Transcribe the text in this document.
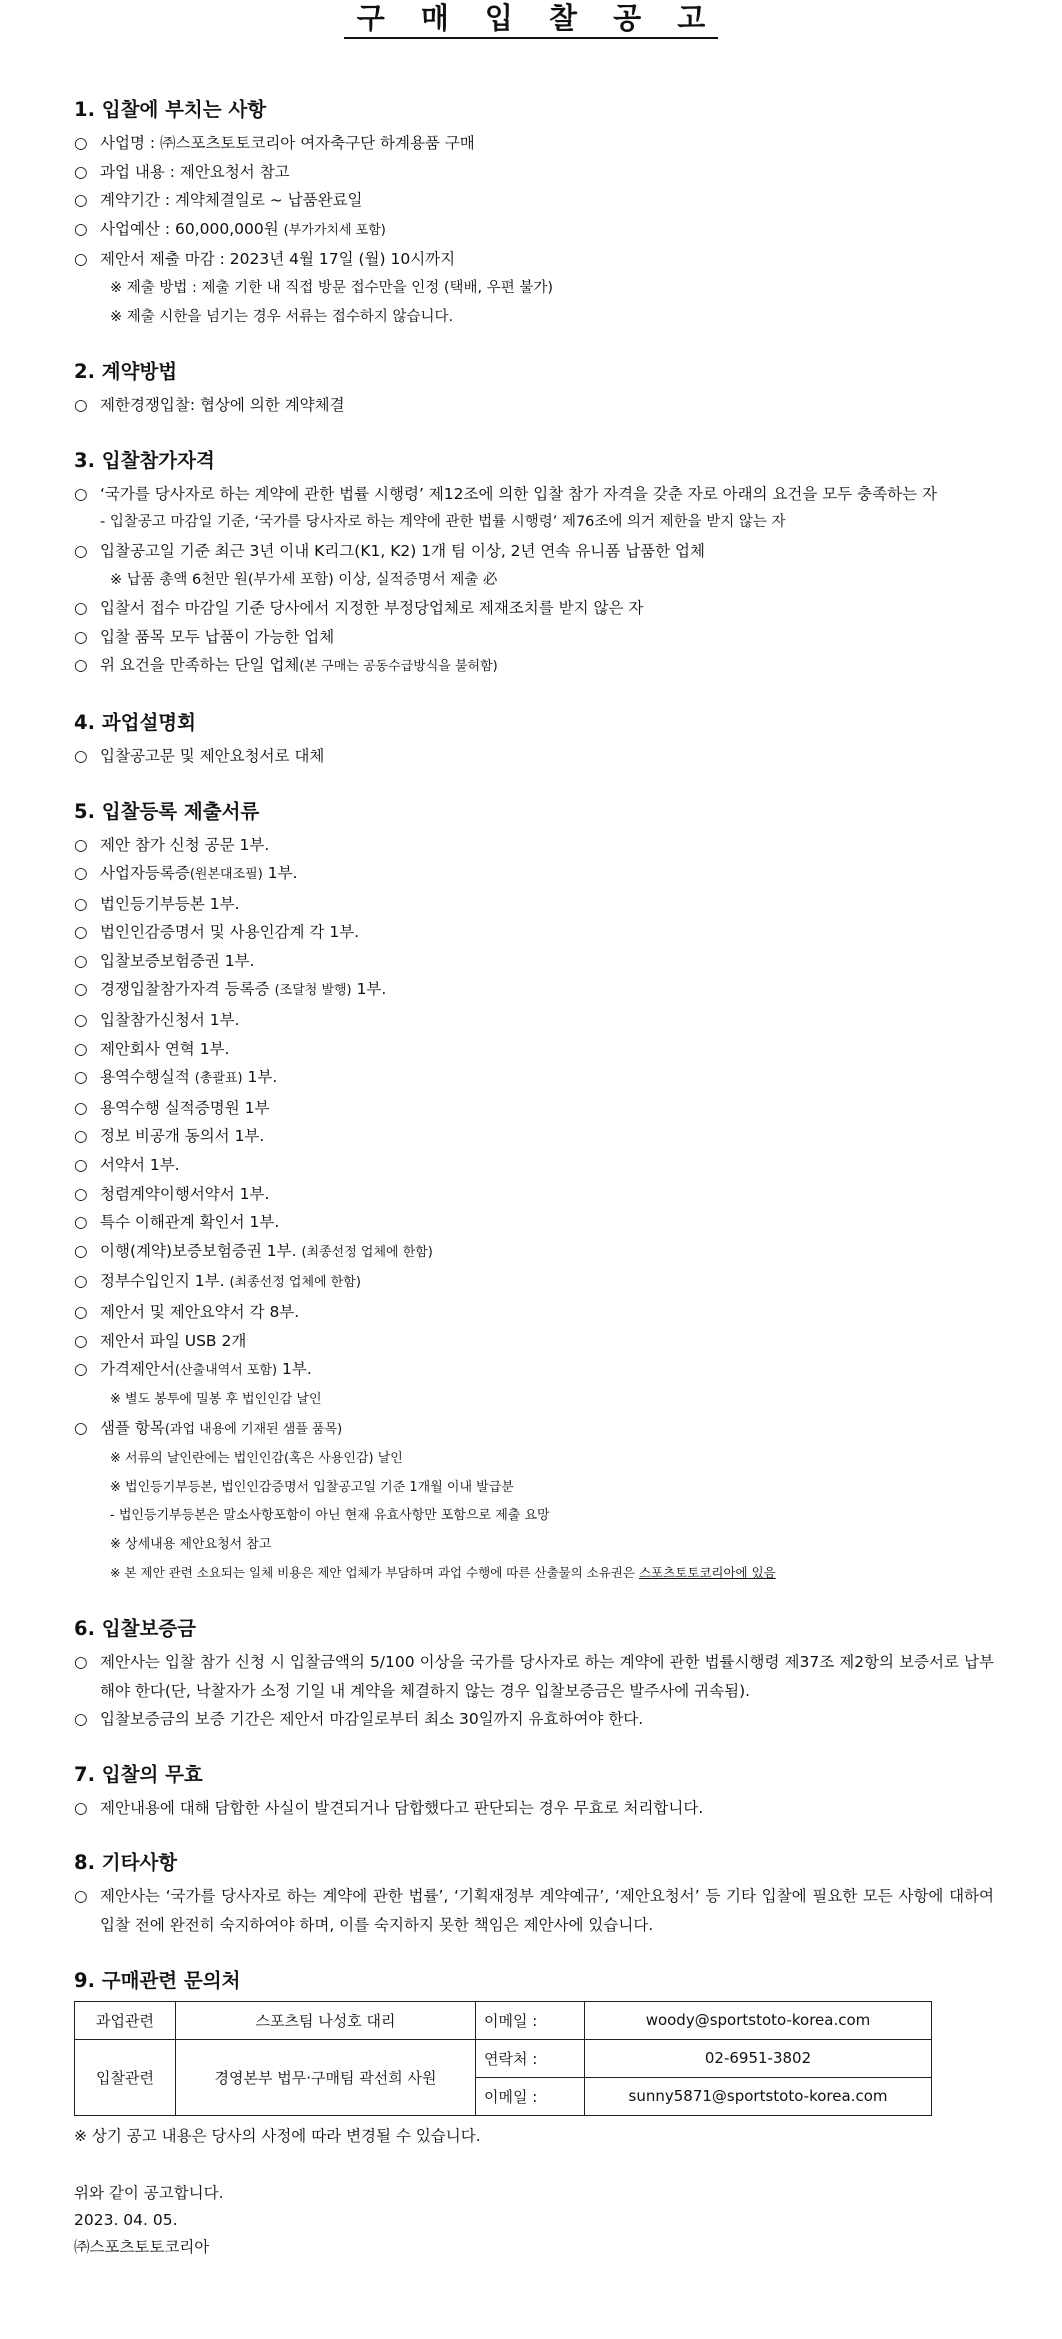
구 매 입 찰 공 고
1. 입찰에 부치는 사항
○ 사업명 : ㈜스포츠토토코리아 여자축구단 하계용품 구매
○ 과업 내용 : 제안요청서 참고
○ 계약기간 : 계약체결일로 ~ 납품완료일
○ 사업예산 : 60,000,000원 (부가가치세 포함)
○ 제안서 제출 마감 : 2023년 4월 17일 (월) 10시까지
※ 제출 방법 : 제출 기한 내 직접 방문 접수만을 인정 (택배, 우편 불가)
※ 제출 시한을 넘기는 경우 서류는 접수하지 않습니다.
2. 계약방법
○ 제한경쟁입찰: 협상에 의한 계약체결
3. 입찰참가자격
○ ‘국가를 당사자로 하는 계약에 관한 법률 시행령’ 제12조에 의한 입찰 참가 자격을 갖춘 자로 아래의 요건을 모두 충족하는 자
- 입찰공고 마감일 기준, ‘국가를 당사자로 하는 계약에 관한 법률 시행령’ 제76조에 의거 제한을 받지 않는 자
○ 입찰공고일 기준 최근 3년 이내 K리그(K1, K2) 1개 팀 이상, 2년 연속 유니폼 납품한 업체
※ 납품 총액 6천만 원(부가세 포함) 이상, 실적증명서 제출 必
○ 입찰서 접수 마감일 기준 당사에서 지정한 부정당업체로 제재조치를 받지 않은 자
○ 입찰 품목 모두 납품이 가능한 업체
○ 위 요건을 만족하는 단일 업체(본 구매는 공동수급방식을 불허함)
4. 과업설명회
○ 입찰공고문 및 제안요청서로 대체
5. 입찰등록 제출서류
○ 제안 참가 신청 공문 1부.
○ 사업자등록증(원본대조필) 1부.
○ 법인등기부등본 1부.
○ 법인인감증명서 및 사용인감계 각 1부.
○ 입찰보증보험증권 1부.
○ 경쟁입찰참가자격 등록증 (조달청 발행) 1부.
○ 입찰참가신청서 1부.
○ 제안회사 연혁 1부.
○ 용역수행실적 (총괄표) 1부.
○ 용역수행 실적증명원 1부
○ 정보 비공개 동의서 1부.
○ 서약서 1부.
○ 청렴계약이행서약서 1부.
○ 특수 이해관계 확인서 1부.
○ 이행(계약)보증보험증권 1부. (최종선정 업체에 한함)
○ 정부수입인지 1부. (최종선정 업체에 한함)
○ 제안서 및 제안요약서 각 8부.
○ 제안서 파일 USB 2개
○ 가격제안서(산출내역서 포함) 1부.
※ 별도 봉투에 밀봉 후 법인인감 날인
○ 샘플 항목(과업 내용에 기재된 샘플 품목)
※ 서류의 날인란에는 법인인감(혹은 사용인감) 날인
※ 법인등기부등본, 법인인감증명서 입찰공고일 기준 1개월 이내 발급분
- 법인등기부등본은 말소사항포함이 아닌 현재 유효사항만 포함으로 제출 요망
※ 상세내용 제안요청서 참고
※ 본 제안 관련 소요되는 일체 비용은 제안 업체가 부담하며 과업 수행에 따른 산출물의 소유권은 스포츠토토코리아에 있음
6. 입찰보증금
○ 제안사는 입찰 참가 신청 시 입찰금액의 5/100 이상을 국가를 당사자로 하는 계약에 관한 법률시행령 제37조 제2항의 보증서로 납부해야 한다(단, 낙찰자가 소정 기일 내 계약을 체결하지 않는 경우 입찰보증금은 발주사에 귀속됨).
○ 입찰보증금의 보증 기간은 제안서 마감일로부터 최소 30일까지 유효하여야 한다.
7. 입찰의 무효
○ 제안내용에 대해 담합한 사실이 발견되거나 담합했다고 판단되는 경우 무효로 처리합니다.
8. 기타사항
○ 제안사는 ‘국가를 당사자로 하는 계약에 관한 법률’, ‘기획재정부 계약예규’, ‘제안요청서’ 등 기타 입찰에 필요한 모든 사항에 대하여 입찰 전에 완전히 숙지하여야 하며, 이를 숙지하지 못한 책임은 제안사에 있습니다.
9. 구매관련 문의처
과업관련	스포츠팀 나성호 대리	이메일 :	woody@sportstoto-korea.com
입찰관련	경영본부 법무·구매팀 곽선희 사원	연락처 :	02-6951-3802
		이메일 :	sunny5871@sportstoto-korea.com
※ 상기 공고 내용은 당사의 사정에 따라 변경될 수 있습니다.
위와 같이 공고합니다.
2023. 04. 05.
㈜스포츠토토코리아
